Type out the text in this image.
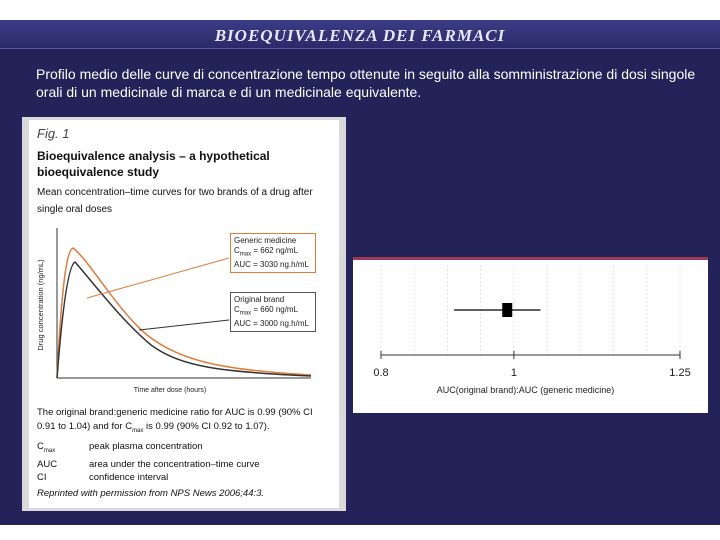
BIOEQUIVALENZA DEI FARMACI
Profilo medio delle curve di concentrazione tempo ottenute in seguito alla somministrazione di dosi singole orali di un medicinale di marca e di un medicinale equivalente.
Fig. 1
Bioequivalence analysis – a hypothetical bioequivalence study
Mean concentration–time curves for two brands of a drug after single oral doses
Drug concentration (ng/mL)
Time after dose (hours)
Generic medicine
$C_{max} = 662$ ng/mL
AUC = 3030 ng.h/mL
Original brand
$C_{max} = 660$ ng/mL
AUC = 3000 ng.h/mL
The original brand:generic medicine ratio for AUC is 0.99 (90% CI 0.91 to 1.04) and for $C_{max}$ is 0.99 (90% CI 0.92 to 1.07).
$C_{max}$	peak plasma concentration
AUC	area under the concentration–time curve
CI	confidence interval
Reprinted with permission from NPS News 2006;44:3.
0.8	1	1.25
AUC(original brand):AUC (generic medicine)
